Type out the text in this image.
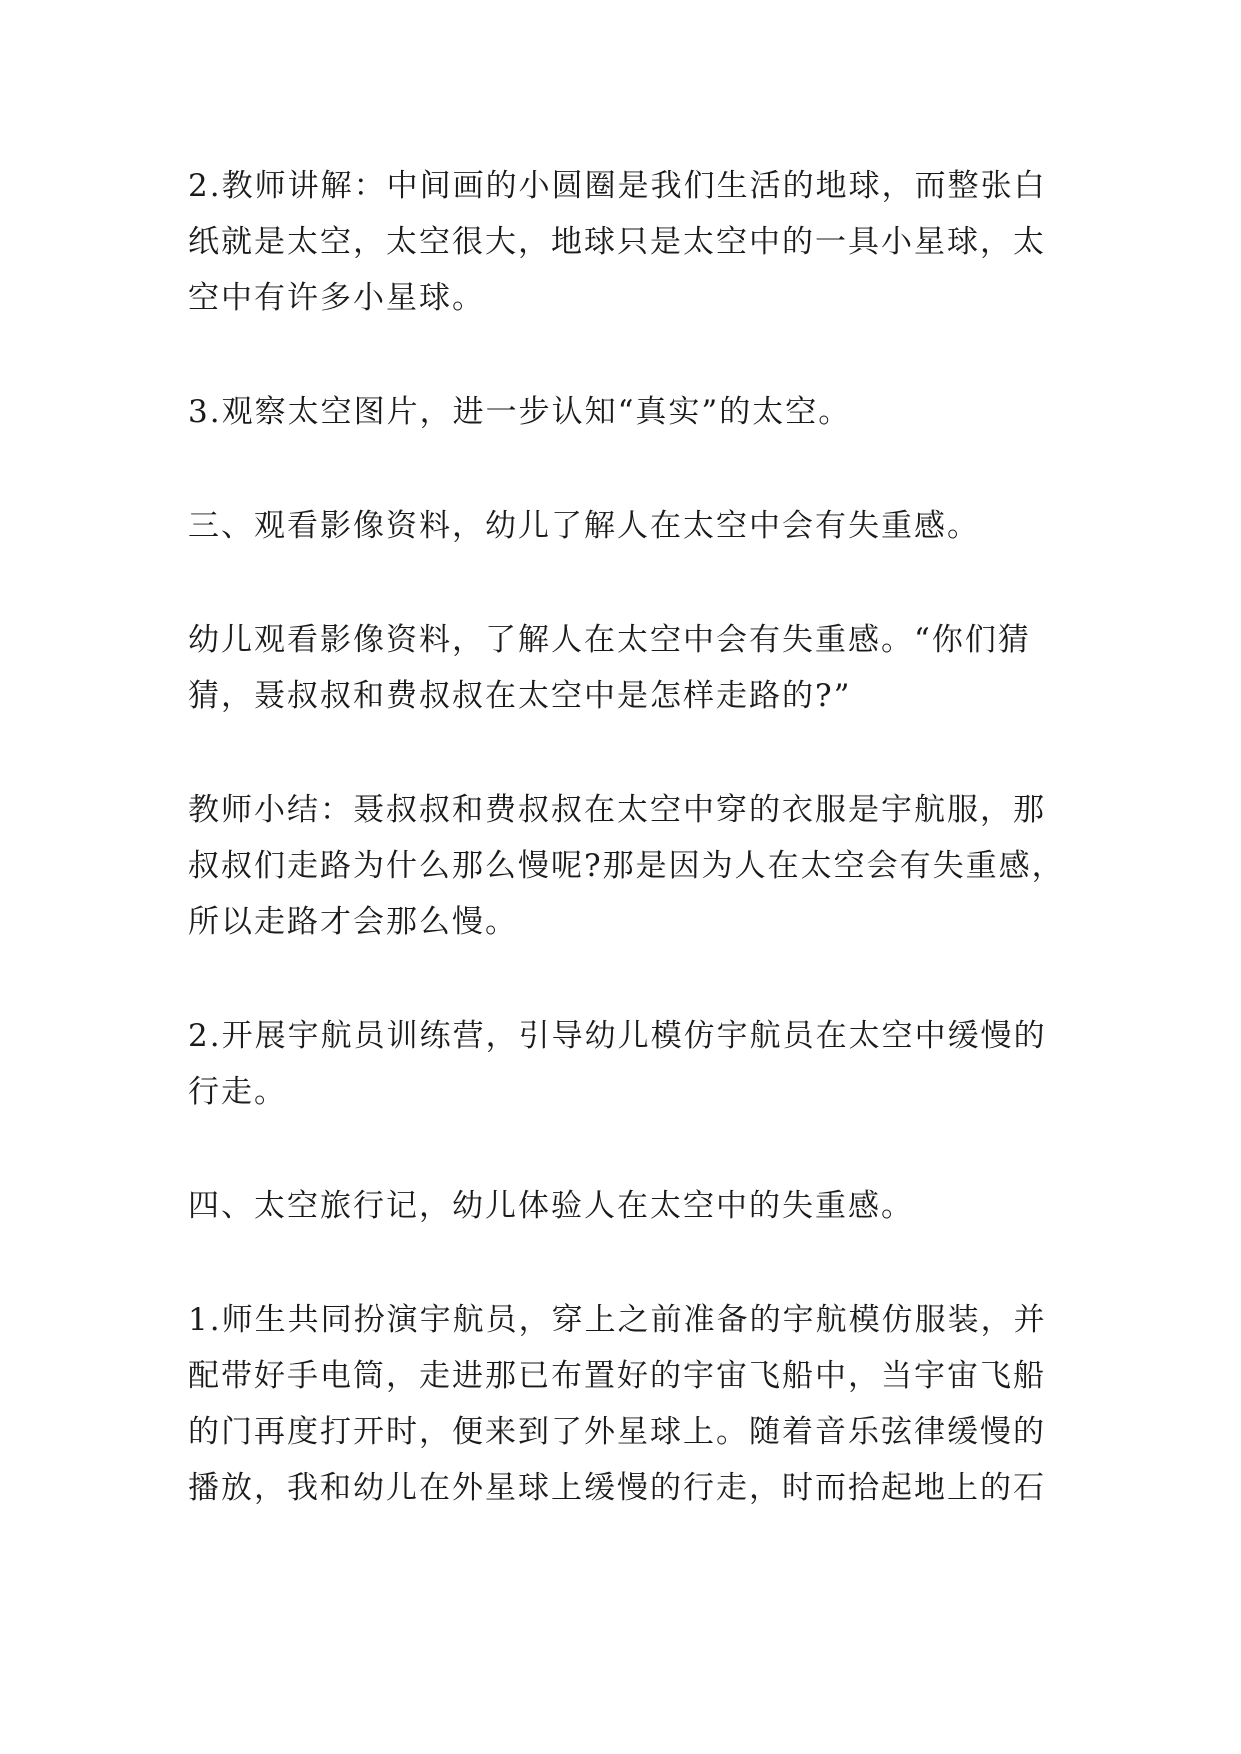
2.教师讲解：中间画的小圆圈是我们生活的地球，而整张白
纸就是太空，太空很大，地球只是太空中的一具小星球，太
空中有许多小星球。

3.观察太空图片，进一步认知“真实”的太空。

三、观看影像资料，幼儿了解人在太空中会有失重感。

幼儿观看影像资料，了解人在太空中会有失重感。“你们猜
猜，聂叔叔和费叔叔在太空中是怎样走路的?”

教师小结：聂叔叔和费叔叔在太空中穿的衣服是宇航服，那
叔叔们走路为什么那么慢呢?那是因为人在太空会有失重感，
所以走路才会那么慢。

2.开展宇航员训练营，引导幼儿模仿宇航员在太空中缓慢的
行走。

四、太空旅行记，幼儿体验人在太空中的失重感。

1.师生共同扮演宇航员，穿上之前准备的宇航模仿服装，并
配带好手电筒，走进那已布置好的宇宙飞船中，当宇宙飞船
的门再度打开时，便来到了外星球上。随着音乐弦律缓慢的
播放，我和幼儿在外星球上缓慢的行走，时而拾起地上的石
